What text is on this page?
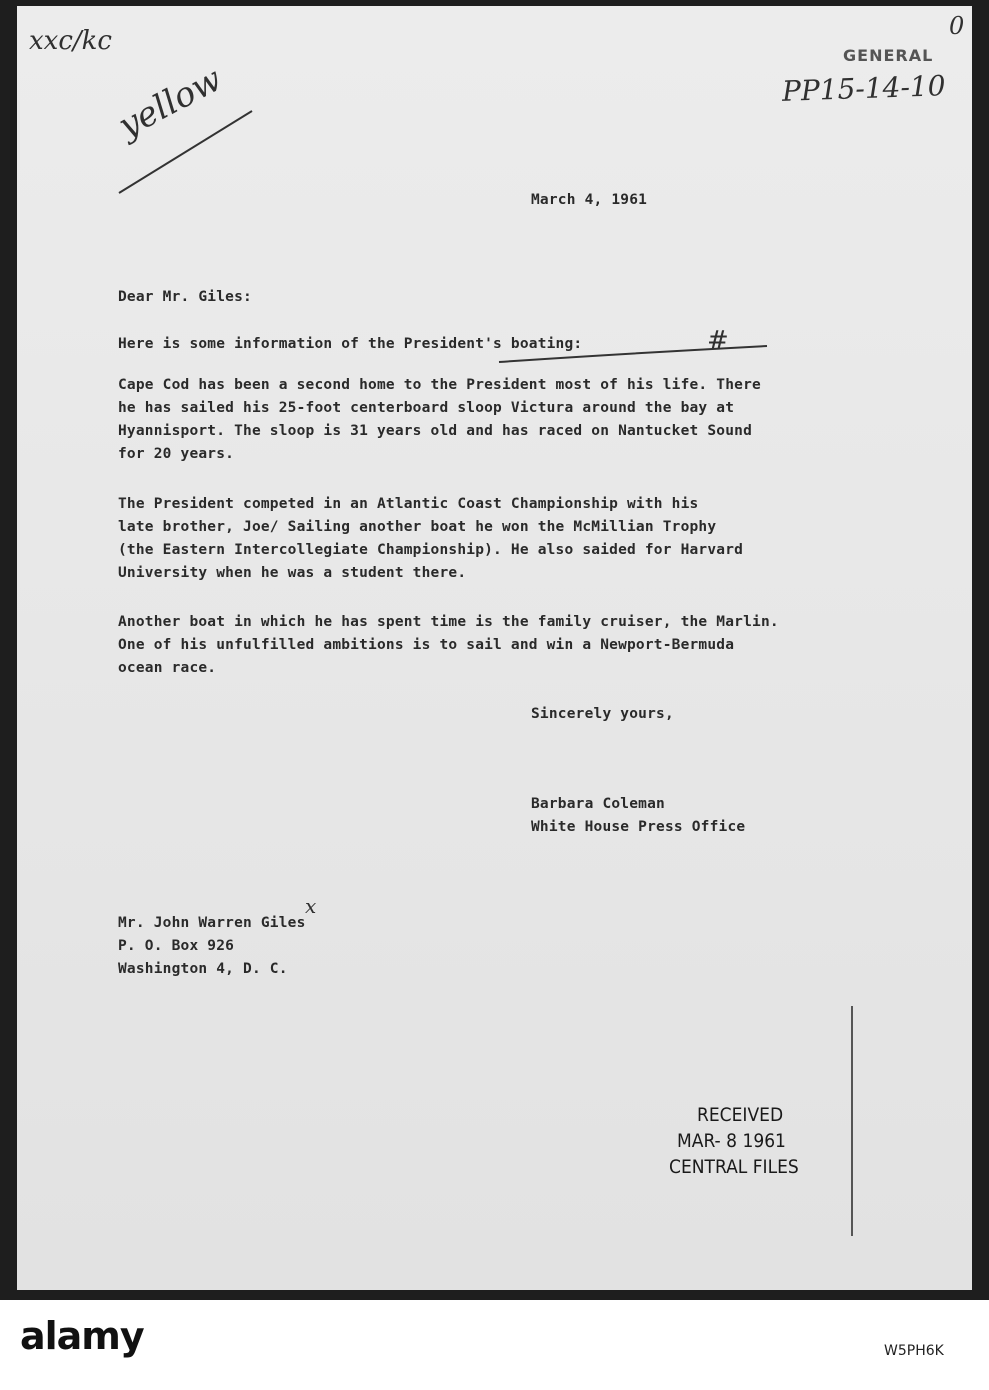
xxc/kc
yellow
GENERAL
0
PP15-14-10
March 4, 1961
Dear Mr. Giles:
Here is some information of the President's boating:	#
Cape Cod has been a second home to the President most of his life. There
he has sailed his 25-foot centerboard sloop Victura around the bay at
Hyannisport. The sloop is 31 years old and has raced on Nantucket Sound
for 20 years.
The President competed in an Atlantic Coast Championship with his
late brother, Joe/ Sailing another boat he won the McMillian Trophy
(the Eastern Intercollegiate Championship). He also saided for Harvard
University when he was a student there.
Another boat in which he has spent time is the family cruiser, the Marlin.
One of his unfulfilled ambitions is to sail and win a Newport-Bermuda
ocean race.
Sincerely yours,
Barbara Coleman
White House Press Office
Mr. John Warren Giles
P. O. Box 926
Washington 4, D. C.
x
RECEIVED
MAR- 8 1961
CENTRAL FILES
alamy	W5PH6K
